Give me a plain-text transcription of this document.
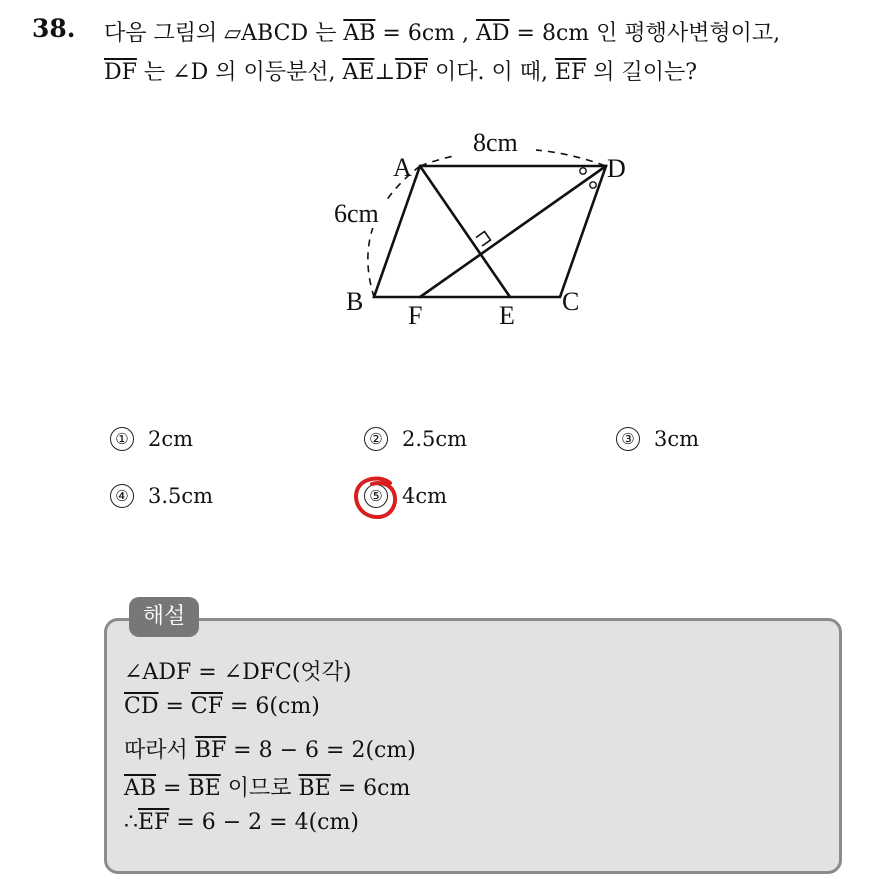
38. 다음 그림의 ▱ABCD 는 $\overline{AB} = 6cm$ , $\overline{AD} = 8cm$ 인 평행사변형이고,
$\overline{DF}$ 는 ∠D 의 이등분선, $\overline{AE}\perp\overline{DF}$ 이다. 이 때, $\overline{EF}$ 의 길이는?
8cm
6cm
A	D
B	C
F	E
① 2cm	② 2.5cm	③ 3cm
④ 3.5cm	⑤ 4cm
해설
∠ADF = ∠DFC(엇각)
$\overline{CD} = \overline{CF} = 6(cm)$
따라서 $\overline{BF} = 8 - 6 = 2(cm)$
$\overline{AB} = \overline{BE}$ 이므로 $\overline{BE} = 6cm$
$\therefore\overline{EF} = 6 - 2 = 4(cm)$
